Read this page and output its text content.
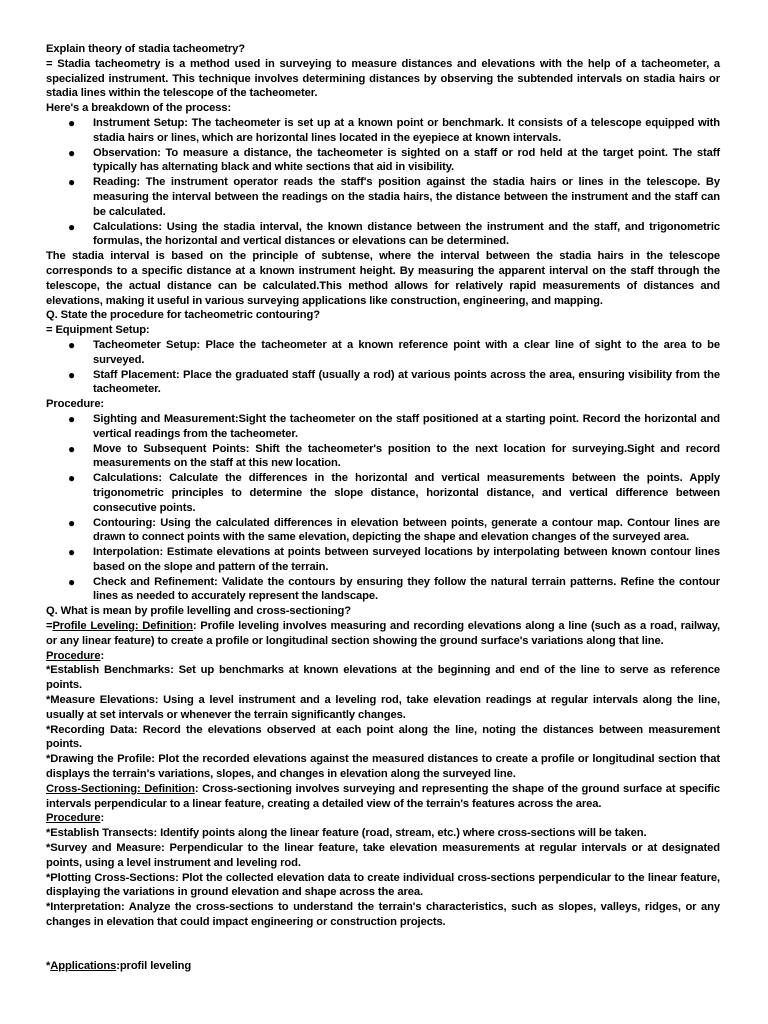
Explain theory of stadia tacheometry?

= Stadia tacheometry is a method used in surveying to measure distances and elevations with the help of a tacheometer, a specialized instrument. This technique involves determining distances by observing the subtended intervals on stadia hairs or stadia lines within the telescope of the tacheometer.

Here's a breakdown of the process:

● Instrument Setup: The tacheometer is set up at a known point or benchmark. It consists of a telescope equipped with stadia hairs or lines, which are horizontal lines located in the eyepiece at known intervals.
● Observation: To measure a distance, the tacheometer is sighted on a staff or rod held at the target point. The staff typically has alternating black and white sections that aid in visibility.
● Reading: The instrument operator reads the staff's position against the stadia hairs or lines in the telescope. By measuring the interval between the readings on the stadia hairs, the distance between the instrument and the staff can be calculated.
● Calculations: Using the stadia interval, the known distance between the instrument and the staff, and trigonometric formulas, the horizontal and vertical distances or elevations can be determined.

The stadia interval is based on the principle of subtense, where the interval between the stadia hairs in the telescope corresponds to a specific distance at a known instrument height. By measuring the apparent interval on the staff through the telescope, the actual distance can be calculated.This method allows for relatively rapid measurements of distances and elevations, making it useful in various surveying applications like construction, engineering, and mapping.

Q. State the procedure for tacheometric contouring?

= Equipment Setup:

● Tacheometer Setup: Place the tacheometer at a known reference point with a clear line of sight to the area to be surveyed.
● Staff Placement: Place the graduated staff (usually a rod) at various points across the area, ensuring visibility from the tacheometer.

Procedure:

● Sighting and Measurement:Sight the tacheometer on the staff positioned at a starting point. Record the horizontal and vertical readings from the tacheometer.
● Move to Subsequent Points: Shift the tacheometer's position to the next location for surveying.Sight and record measurements on the staff at this new location.
● Calculations: Calculate the differences in the horizontal and vertical measurements between the points. Apply trigonometric principles to determine the slope distance, horizontal distance, and vertical difference between consecutive points.
● Contouring: Using the calculated differences in elevation between points, generate a contour map. Contour lines are drawn to connect points with the same elevation, depicting the shape and elevation changes of the surveyed area.
● Interpolation: Estimate elevations at points between surveyed locations by interpolating between known contour lines based on the slope and pattern of the terrain.
● Check and Refinement: Validate the contours by ensuring they follow the natural terrain patterns. Refine the contour lines as needed to accurately represent the landscape.

Q. What is mean by profile levelling and cross-sectioning?

=Profile Leveling: Definition: Profile leveling involves measuring and recording elevations along a line (such as a road, railway, or any linear feature) to create a profile or longitudinal section showing the ground surface's variations along that line.

Procedure:

*Establish Benchmarks: Set up benchmarks at known elevations at the beginning and end of the line to serve as reference points.

*Measure Elevations: Using a level instrument and a leveling rod, take elevation readings at regular intervals along the line, usually at set intervals or whenever the terrain significantly changes.

*Recording Data: Record the elevations observed at each point along the line, noting the distances between measurement points.

*Drawing the Profile: Plot the recorded elevations against the measured distances to create a profile or longitudinal section that displays the terrain's variations, slopes, and changes in elevation along the surveyed line.

Cross-Sectioning: Definition: Cross-sectioning involves surveying and representing the shape of the ground surface at specific intervals perpendicular to a linear feature, creating a detailed view of the terrain's features across the area.

Procedure:

*Establish Transects: Identify points along the linear feature (road, stream, etc.) where cross-sections will be taken.

*Survey and Measure: Perpendicular to the linear feature, take elevation measurements at regular intervals or at designated points, using a level instrument and leveling rod.

*Plotting Cross-Sections: Plot the collected elevation data to create individual cross-sections perpendicular to the linear feature, displaying the variations in ground elevation and shape across the area.

*Interpretation: Analyze the cross-sections to understand the terrain's characteristics, such as slopes, valleys, ridges, or any changes in elevation that could impact engineering or construction projects.

*Applications:profil leveling
